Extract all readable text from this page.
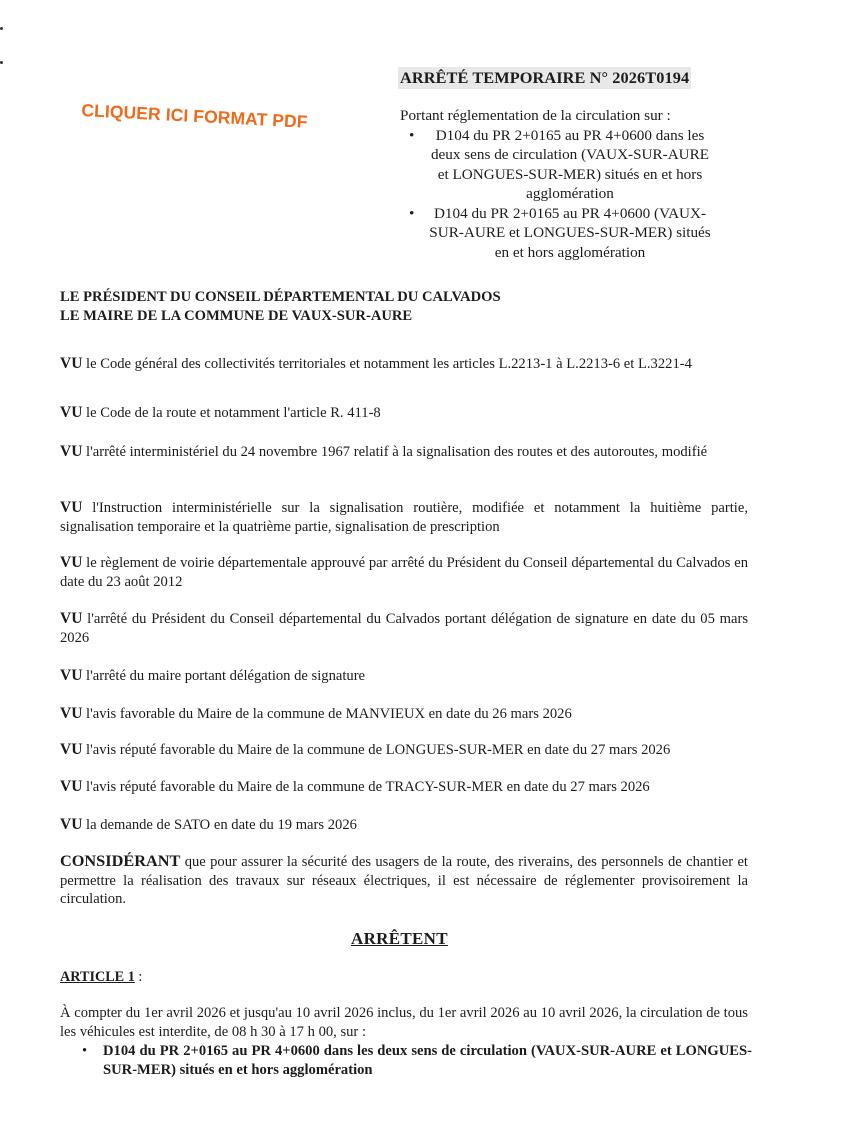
CLIQUER ICI FORMAT PDF
ARRÊTÉ TEMPORAIRE N° 2026T0194
Portant réglementation de la circulation sur :
• D104 du PR 2+0165 au PR 4+0600 dans les deux sens de circulation (VAUX-SUR-AURE et LONGUES-SUR-MER) situés en et hors agglomération
• D104 du PR 2+0165 au PR 4+0600 (VAUX-SUR-AURE et LONGUES-SUR-MER) situés en et hors agglomération
LE PRÉSIDENT DU CONSEIL DÉPARTEMENTAL DU CALVADOS
LE MAIRE DE LA COMMUNE DE VAUX-SUR-AURE
VU le Code général des collectivités territoriales et notamment les articles L.2213-1 à L.2213-6 et L.3221-4
VU le Code de la route et notamment l'article R. 411-8
VU l'arrêté interministériel du 24 novembre 1967 relatif à la signalisation des routes et des autoroutes, modifié
VU l'Instruction interministérielle sur la signalisation routière, modifiée et notamment la huitième partie, signalisation temporaire et la quatrième partie, signalisation de prescription
VU le règlement de voirie départementale approuvé par arrêté du Président du Conseil départemental du Calvados en date du 23 août 2012
VU l'arrêté du Président du Conseil départemental du Calvados portant délégation de signature en date du 05 mars 2026
VU l'arrêté du maire portant délégation de signature
VU l'avis favorable du Maire de la commune de MANVIEUX en date du 26 mars 2026
VU l'avis réputé favorable du Maire de la commune de LONGUES-SUR-MER en date du 27 mars 2026
VU l'avis réputé favorable du Maire de la commune de TRACY-SUR-MER en date du 27 mars 2026
VU la demande de SATO en date du 19 mars 2026
CONSIDÉRANT que pour assurer la sécurité des usagers de la route, des riverains, des personnels de chantier et permettre la réalisation des travaux sur réseaux électriques, il est nécessaire de réglementer provisoirement la circulation.
ARRÊTENT
ARTICLE 1 :
À compter du 1er avril 2026 et jusqu'au 10 avril 2026 inclus, du 1er avril 2026 au 10 avril 2026, la circulation de tous les véhicules est interdite, de 08 h 30 à 17 h 00, sur :
•	D104 du PR 2+0165 au PR 4+0600 dans les deux sens de circulation (VAUX-SUR-AURE et LONGUES-SUR-MER) situés en et hors agglomération
